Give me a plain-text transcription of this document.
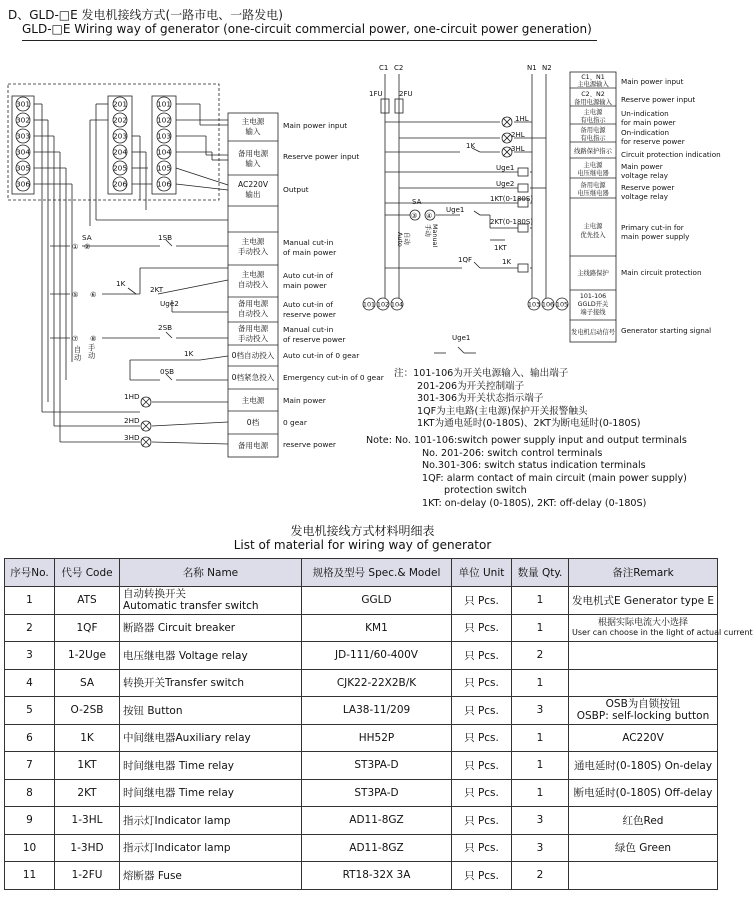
D、GLD-□E 发电机接线方式(一路市电、一路发电)
GLD-□E Wiring way of generator (one-circuit commercial power, one-circuit power generation)
301
302
303
304
305
306
201
202
203
204
205
206
101
102
103
104
105
106
SA	1SB
① ②
1K
2KT
Uge2
⑤ ⑥
2SB
⑦ ⑧
自
动
手
动	1K
0SB
1HD
2HD
3HD
主电源
输入
备用电源
输入
AC220V
输出
主电源
手动投入
主电源
自动投入
备用电源
自动投入
备用电源
手动投入
0档自动投入
0档紧急投入
主电源
0档
备用电源
Main power input
Reserve power input
Output
Manual cut-in
of main power
Auto cut-in of
main power
Auto cut-in of
reserve power
Manual cut-in
of reserve power
Auto cut-in of 0 gear
Emergency cut-in of 0 gear
Main power
0 gear
reserve power
C1 C2	N1 N2
1FU 2FU
1HL
2HL
3HL
1K
Uge1
Uge2
1KT(0-180S)
SA
Uge1
2KT(0-180S)
1KT
1QF	1K
③ ④
Uge1
自动
Auto
手动 Manual
101 102 104	103 106 105
C1、N1
主电源输入
C2、N2
备用电源输入
主电源
有电指示
备用电源
有电指示
线路保护指示
主电源
电压继电器
备用电源
电压继电器
主电源
优先投入
主线路保护
101-106
GGLD开关
端子接线
发电机启动信号
Main power input
Reserve power input
Un-indication
for main power
On-indication
for reserve power
Circuit protection indication
Main power
voltage relay
Reserve power
voltage relay
Primary cut-in for
main power supply
Main circuit protection
Generator starting signal
注：101-106为开关电源输入、输出端子
201-206为开关控制端子
301-306为开关状态指示端子
1QF为主电路(主电源)保护开关报警触头
1KT为通电延时(0-180S)、2KT为断电延时(0-180S)
Note: No. 101-106:switch power supply input and output terminals
No. 201-206: switch control terminals
No.301-306: switch status indication terminals
1QF: alarm contact of main circuit (main power supply)
protection switch
1KT: on-delay (0-180S), 2KT: off-delay (0-180S)
发电机接线方式材料明细表
List of material for wiring way of generator
序号No.	代号 Code	名称 Name	规格及型号 Spec.& Model	单位 Unit	数量 Qty.	备注Remark
1	ATS	自动转换开关
Automatic transfer switch	GGLD	只 Pcs.	1	发电机式E Generator type E
2	1QF	断路器 Circuit breaker	KM1	只 Pcs.	1	根据实际电流大小选择
User can choose in the light of actual current

3	1-2Uge	电压继电器 Voltage relay	JD-111/60-400V	只 Pcs.	2	
4	SA	转换开关Transfer switch	CJK22-22X2B/K	只 Pcs.	1	
5	O-2SB	按钮 Button	LA38-11/209	只 Pcs.	3	OSB为自锁按钮
OSBP: self-locking button

6	1K	中间继电器Auxiliary relay	HH52P	只 Pcs.	1	AC220V
7	1KT	时间继电器 Time relay	ST3PA-D	只 Pcs.	1	通电延时(0-180S) On-delay
8	2KT	时间继电器 Time relay	ST3PA-D	只 Pcs.	1	断电延时(0-180S) Off-delay
9	1-3HL	指示灯Indicator lamp	AD11-8GZ	只 Pcs.	3	红色Red
10	1-3HD	指示灯Indicator lamp	AD11-8GZ	只 Pcs.	3	绿色 Green
11	1-2FU	熔断器 Fuse	RT18-32X 3A	只 Pcs.	2	
